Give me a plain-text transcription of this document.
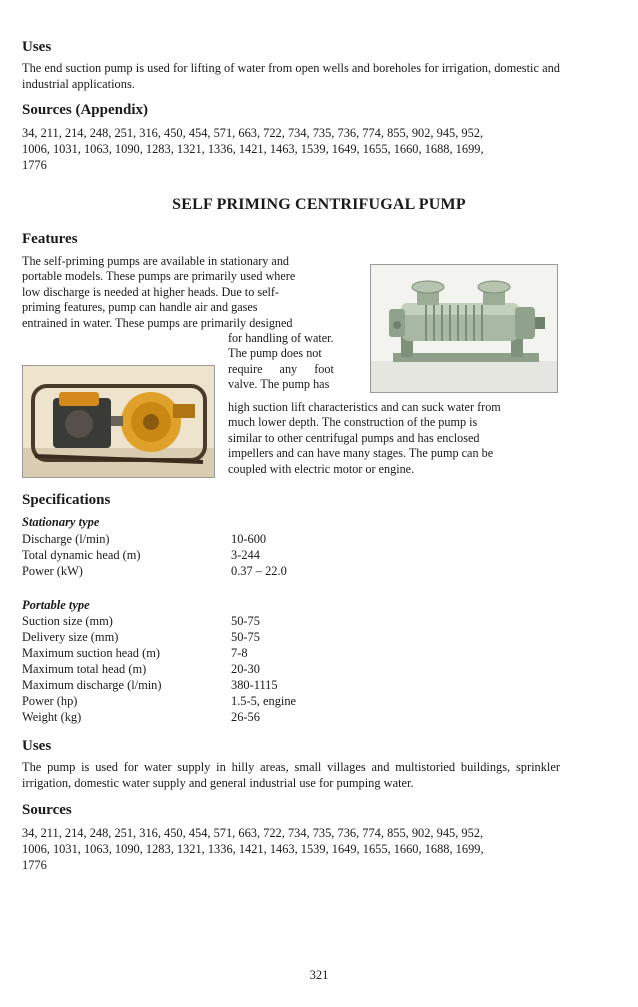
Uses
The end suction pump is used for lifting of water from open wells and boreholes for irrigation, domestic and industrial applications.
Sources (Appendix)
34, 211, 214, 248, 251, 316, 450, 454, 571, 663, 722, 734, 735, 736, 774, 855, 902, 945, 952,
1006, 1031, 1063, 1090, 1283, 1321, 1336, 1421, 1463, 1539, 1649, 1655, 1660, 1688, 1699,
1776
SELF PRIMING CENTRIFUGAL PUMP
Features
The self-priming pumps are available in stationary and
portable models. These pumps are primarily used where
low discharge is needed at higher heads. Due to self-
priming features, pump can handle air and gases
entrained in water. These pumps are primarily designed
for handling of water.
The pump does not
require any foot
valve. The pump has
high suction lift characteristics and can suck water from
much lower depth. The construction of the pump is
similar to other centrifugal pumps and has enclosed
impellers and can have many stages. The pump can be
coupled with electric motor or engine.
Specifications
Stationary type
Discharge (l/min)	10-600
Total dynamic head (m)	3-244
Power (kW)	0.37 – 22.0
Portable type
Suction size (mm)	50-75
Delivery size (mm)	50-75
Maximum suction head (m)	7-8
Maximum total head (m)	20-30
Maximum discharge (l/min)	380-1115
Power (hp)	1.5-5, engine
Weight (kg)	26-56
Uses
The pump is used for water supply in hilly areas, small villages and multistoried buildings, sprinkler irrigation, domestic water supply and general industrial use for pumping water.
Sources
34, 211, 214, 248, 251, 316, 450, 454, 571, 663, 722, 734, 735, 736, 774, 855, 902, 945, 952,
1006, 1031, 1063, 1090, 1283, 1321, 1336, 1421, 1463, 1539, 1649, 1655, 1660, 1688, 1699,
1776
321
